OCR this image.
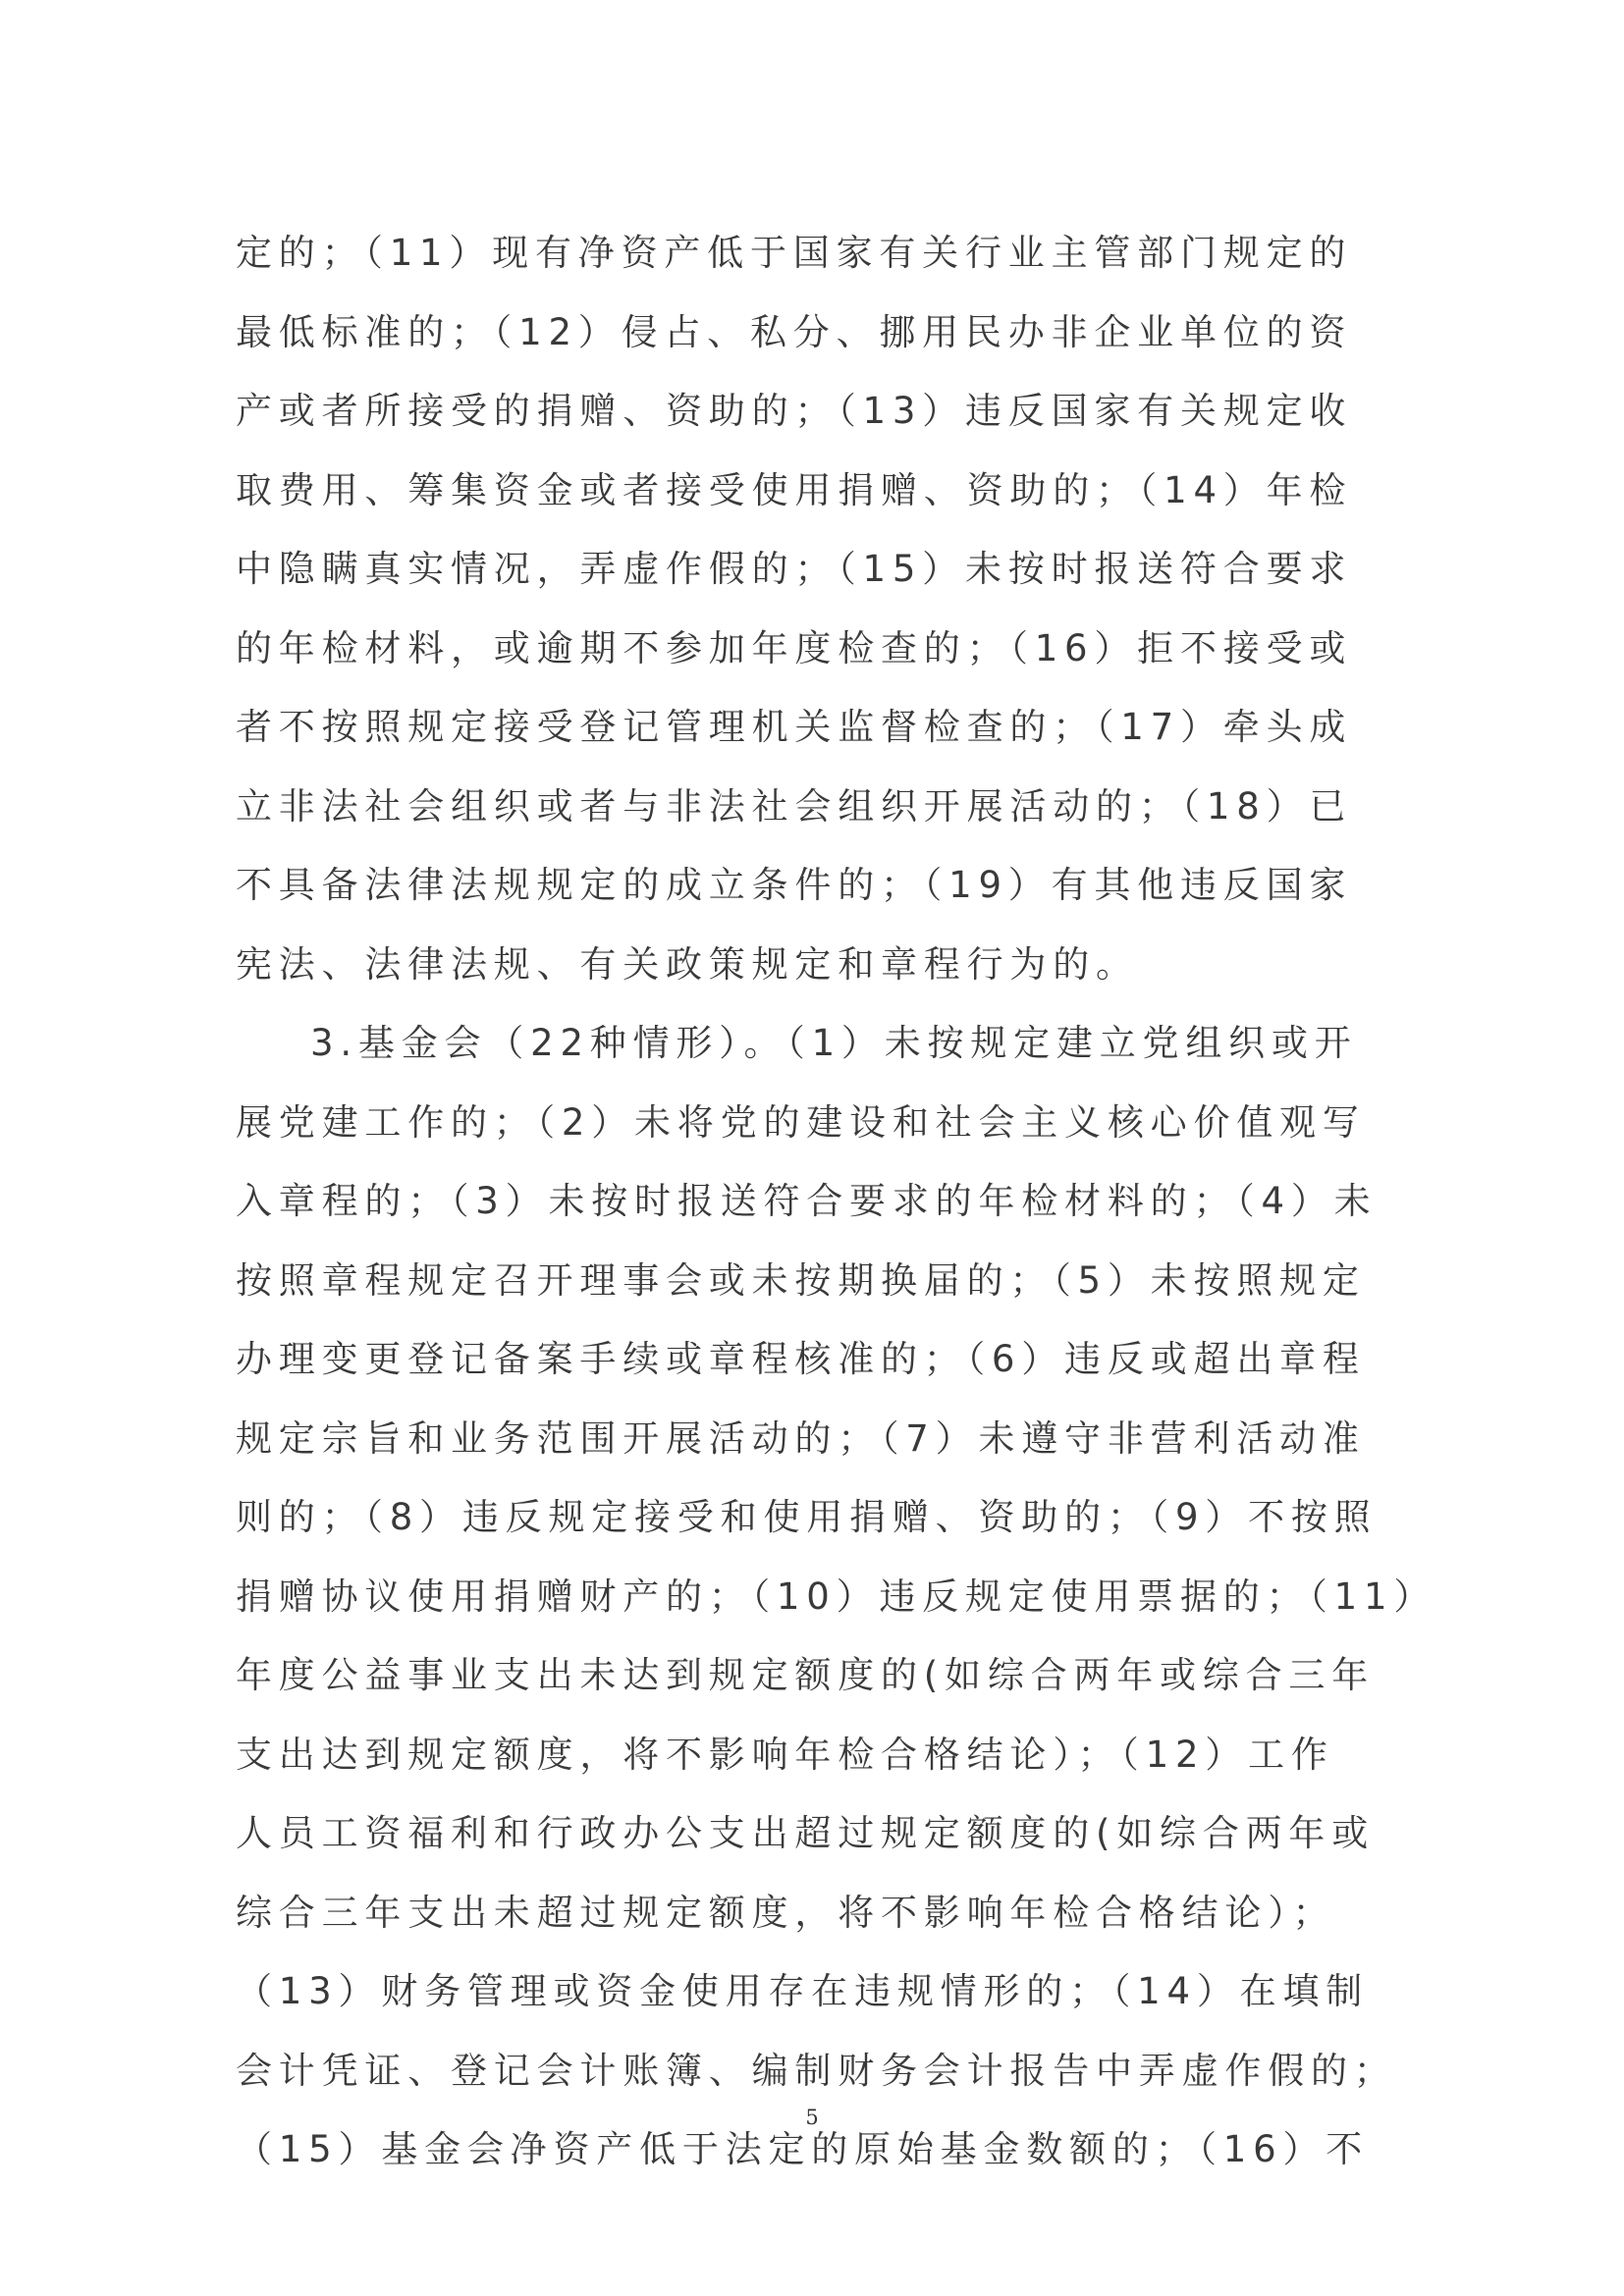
定的；（11）现有净资产低于国家有关行业主管部门规定的
最低标准的；（12）侵占、私分、挪用民办非企业单位的资
产或者所接受的捐赠、资助的；（13）违反国家有关规定收
取费用、筹集资金或者接受使用捐赠、资助的；（14）年检
中隐瞒真实情况，弄虚作假的；（15）未按时报送符合要求
的年检材料，或逾期不参加年度检查的；（16）拒不接受或
者不按照规定接受登记管理机关监督检查的；（17）牵头成
立非法社会组织或者与非法社会组织开展活动的；（18）已
不具备法律法规规定的成立条件的；（19）有其他违反国家
宪法、法律法规、有关政策规定和章程行为的。
3.基金会（22种情形）。（1）未按规定建立党组织或开
展党建工作的；（2）未将党的建设和社会主义核心价值观写
入章程的；（3）未按时报送符合要求的年检材料的；（4）未
按照章程规定召开理事会或未按期换届的；（5）未按照规定
办理变更登记备案手续或章程核准的；（6）违反或超出章程
规定宗旨和业务范围开展活动的；（7）未遵守非营利活动准
则的；（8）违反规定接受和使用捐赠、资助的；（9）不按照
捐赠协议使用捐赠财产的；（10）违反规定使用票据的；（11）
年度公益事业支出未达到规定额度的(如综合两年或综合三年
支出达到规定额度，将不影响年检合格结论）；（12）工作
人员工资福利和行政办公支出超过规定额度的(如综合两年或
综合三年支出未超过规定额度，将不影响年检合格结论）；
（13）财务管理或资金使用存在违规情形的；（14）在填制
会计凭证、登记会计账簿、编制财务会计报告中弄虚作假的；
（15）基金会净资产低于法定的原始基金数额的；（16）不
5
